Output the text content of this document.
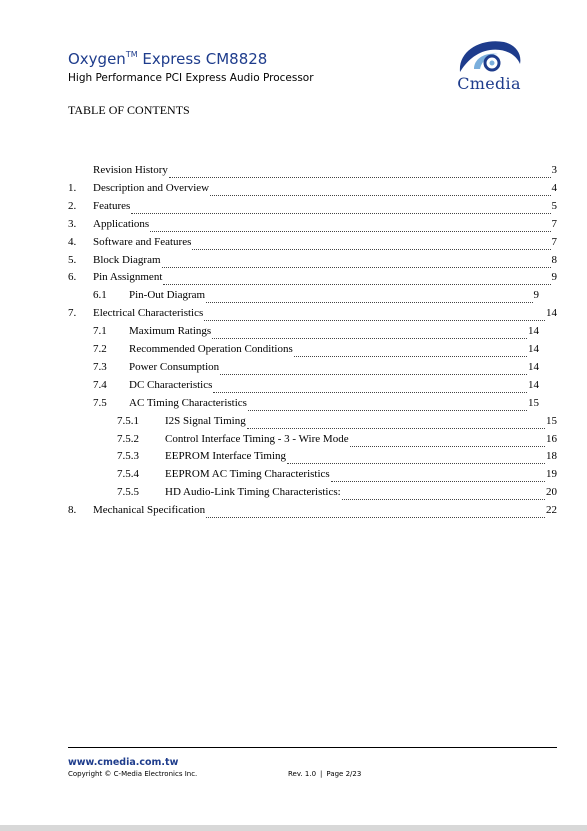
Oxygen™ Express CM8828
High Performance PCI Express Audio Processor	Cmedia
TABLE OF CONTENTS
Revision History	3
1.	Description and Overview	4
2.	Features	5
3.	Applications	7
4.	Software and Features	7
5.	Block Diagram	8
6.	Pin Assignment	9
6.1	Pin-Out Diagram	9
7.	Electrical Characteristics	14
7.1	Maximum Ratings	14
7.2	Recommended Operation Conditions	14
7.3	Power Consumption	14
7.4	DC Characteristics	14
7.5	AC Timing Characteristics	15
7.5.1	I2S Signal Timing	15
7.5.2	Control Interface Timing - 3 - Wire Mode	16
7.5.3	EEPROM Interface Timing	18
7.5.4	EEPROM AC Timing Characteristics	19
7.5.5	HD Audio-Link Timing Characteristics:	20
8.	Mechanical Specification	22
www.cmedia.com.tw
Copyright © C-Media Electronics Inc.	Rev. 1.0 | Page 2/23
